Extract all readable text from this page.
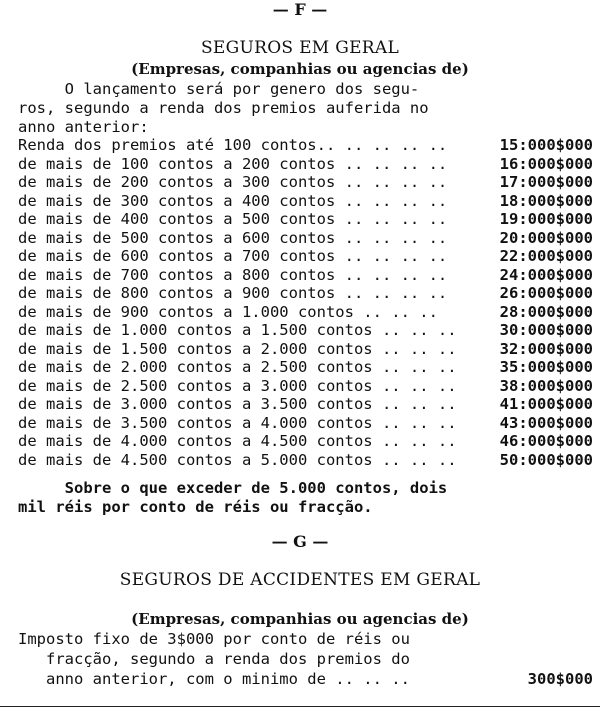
— F —
SEGUROS EM GERAL
(Empresas, companhias ou agencias de)
O lançamento será por genero dos segu-
ros, segundo a renda dos premios auferida no
anno anterior:
Renda dos premios até 100 contos.. .. .. .. ..	15:000$000
de mais de 100 contos a 200 contos .. .. .. ..	16:000$000
de mais de 200 contos a 300 contos .. .. .. ..	17:000$000
de mais de 300 contos a 400 contos .. .. .. ..	18:000$000
de mais de 400 contos a 500 contos .. .. .. ..	19:000$000
de mais de 500 contos a 600 contos .. .. .. ..	20:000$000
de mais de 600 contos a 700 contos .. .. .. ..	22:000$000
de mais de 700 contos a 800 contos .. .. .. ..	24:000$000
de mais de 800 contos a 900 contos .. .. .. ..	26:000$000
de mais de 900 contos a 1.000 contos .. .. ..	28:000$000
de mais de 1.000 contos a 1.500 contos .. .. ..	30:000$000
de mais de 1.500 contos a 2.000 contos .. .. ..	32:000$000
de mais de 2.000 contos a 2.500 contos .. .. ..	35:000$000
de mais de 2.500 contos a 3.000 contos .. .. ..	38:000$000
de mais de 3.000 contos a 3.500 contos .. .. ..	41:000$000
de mais de 3.500 contos a 4.000 contos .. .. ..	43:000$000
de mais de 4.000 contos a 4.500 contos .. .. ..	46:000$000
de mais de 4.500 contos a 5.000 contos .. .. ..	50:000$000
Sobre o que exceder de 5.000 contos, dois
mil réis por conto de réis ou fracção.
— G —
SEGUROS DE ACCIDENTES EM GERAL
(Empresas, companhias ou agencias de)
Imposto fixo de 3$000 por conto de réis ou
fracção, segundo a renda dos premios do
anno anterior, com o minimo de .. .. ..	300$000
